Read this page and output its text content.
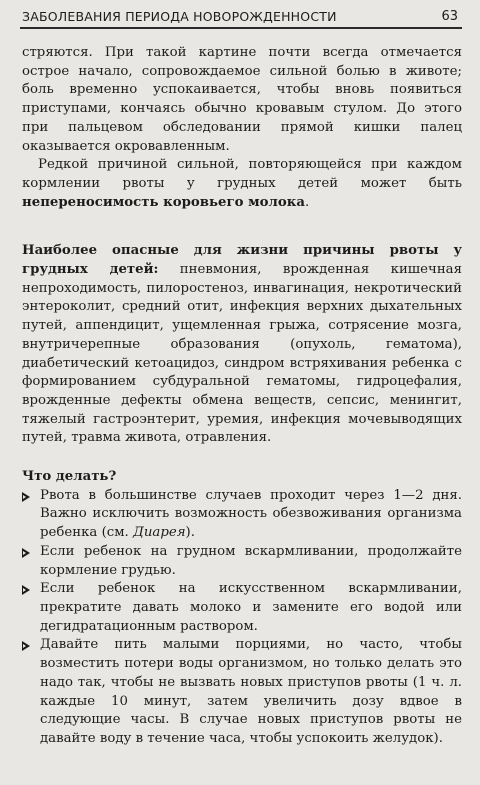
ЗАБОЛЕВАНИЯ ПЕРИОДА НОВОРОЖДЕННОСТИ	63

стряются. При такой картине почти всегда отмечается острое начало, сопровождаемое сильной болью в животе; боль временно успокаивается, чтобы вновь появиться приступами, кончаясь обычно кровавым стулом. До этого при пальцевом обследовании прямой кишки палец оказывается окровавленным.

Редкой причиной сильной, повторяющейся при каждом кормлении рвоты у грудных детей может быть непереносимость коровьего молока.

Наиболее опасные для жизни причины рвоты у грудных детей: пневмония, врожденная кишечная непроходимость, пилоростеноз, инвагинация, некротический энтероколит, средний отит, инфекция верхних дыхательных путей, аппендицит, ущемленная грыжа, сотрясение мозга, внутричерепные образования (опухоль, гематома), диабетический кетоацидоз, синдром встряхивания ребенка с формированием субдуральной гематомы, гидроцефалия, врожденные дефекты обмена веществ, сепсис, менингит, тяжелый гастроэнтерит, уремия, инфекция мочевыводящих путей, травма живота, отравления.

Что делать?

Рвота в большинстве случаев проходит через 1—2 дня. Важно исключить возможность обезвоживания организма ребенка (см. Диарея).
Если ребенок на грудном вскармливании, продолжайте кормление грудью.
Если ребенок на искусственном вскармливании, прекратите давать молоко и замените его водой или дегидратационным раствором.
Давайте пить малыми порциями, но часто, чтобы возместить потери воды организмом, но только делать это надо так, чтобы не вызвать новых приступов рвоты (1 ч. л. каждые 10 минут, затем увеличить дозу вдвое в следующие часы. В случае новых приступов рвоты не давайте воду в течение часа, чтобы успокоить желудок).
